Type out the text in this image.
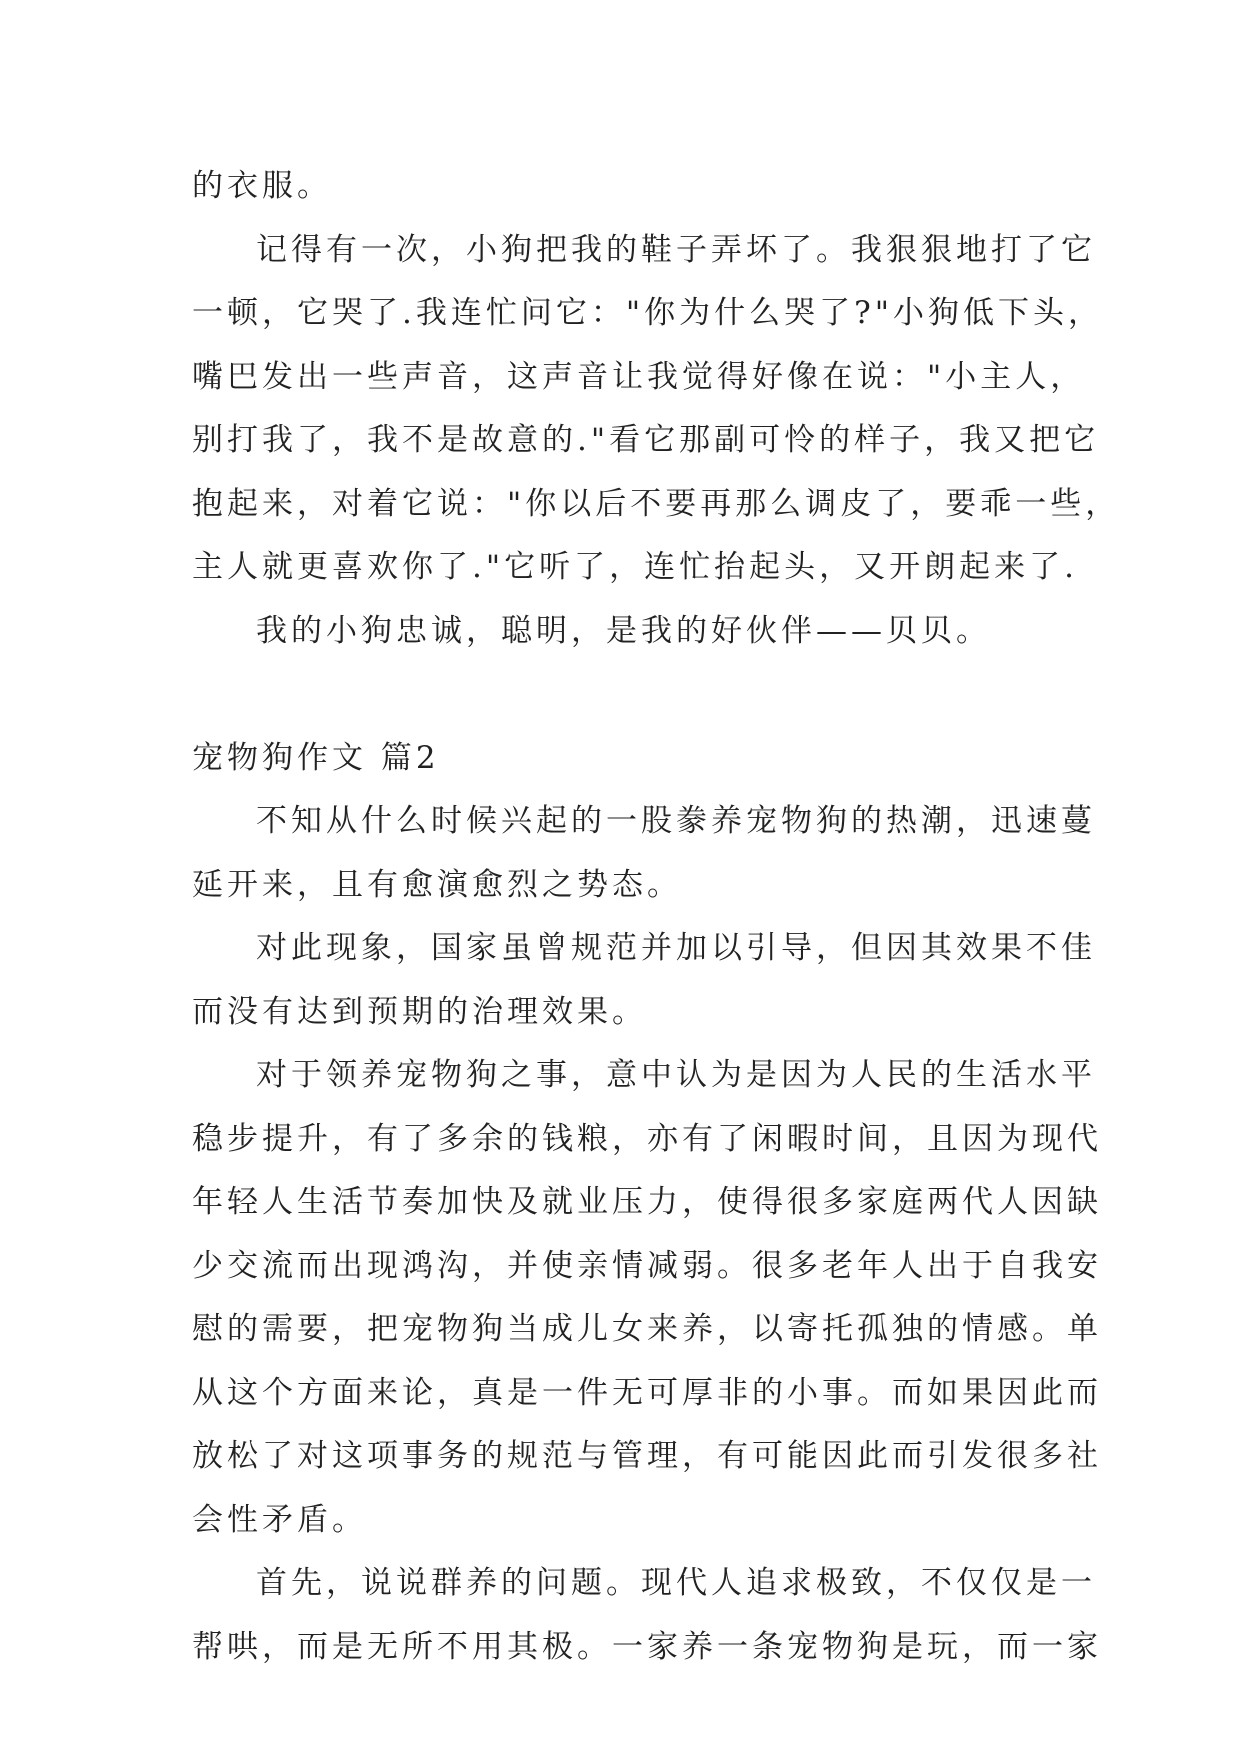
的衣服。
记得有一次，小狗把我的鞋子弄坏了。我狠狠地打了它
一顿，它哭了.我连忙问它："你为什么哭了?"小狗低下头，
嘴巴发出一些声音，这声音让我觉得好像在说："小主人，
别打我了，我不是故意的."看它那副可怜的样子，我又把它
抱起来，对着它说："你以后不要再那么调皮了，要乖一些，
主人就更喜欢你了."它听了，连忙抬起头，又开朗起来了.
我的小狗忠诚，聪明，是我的好伙伴——贝贝。
宠物狗作文 篇2
不知从什么时候兴起的一股豢养宠物狗的热潮，迅速蔓
延开来，且有愈演愈烈之势态。
对此现象，国家虽曾规范并加以引导，但因其效果不佳
而没有达到预期的治理效果。
对于领养宠物狗之事，意中认为是因为人民的生活水平
稳步提升，有了多余的钱粮，亦有了闲暇时间，且因为现代
年轻人生活节奏加快及就业压力，使得很多家庭两代人因缺
少交流而出现鸿沟，并使亲情减弱。很多老年人出于自我安
慰的需要，把宠物狗当成儿女来养，以寄托孤独的情感。单
从这个方面来论，真是一件无可厚非的小事。而如果因此而
放松了对这项事务的规范与管理，有可能因此而引发很多社
会性矛盾。
首先，说说群养的问题。现代人追求极致，不仅仅是一
帮哄，而是无所不用其极。一家养一条宠物狗是玩，而一家
